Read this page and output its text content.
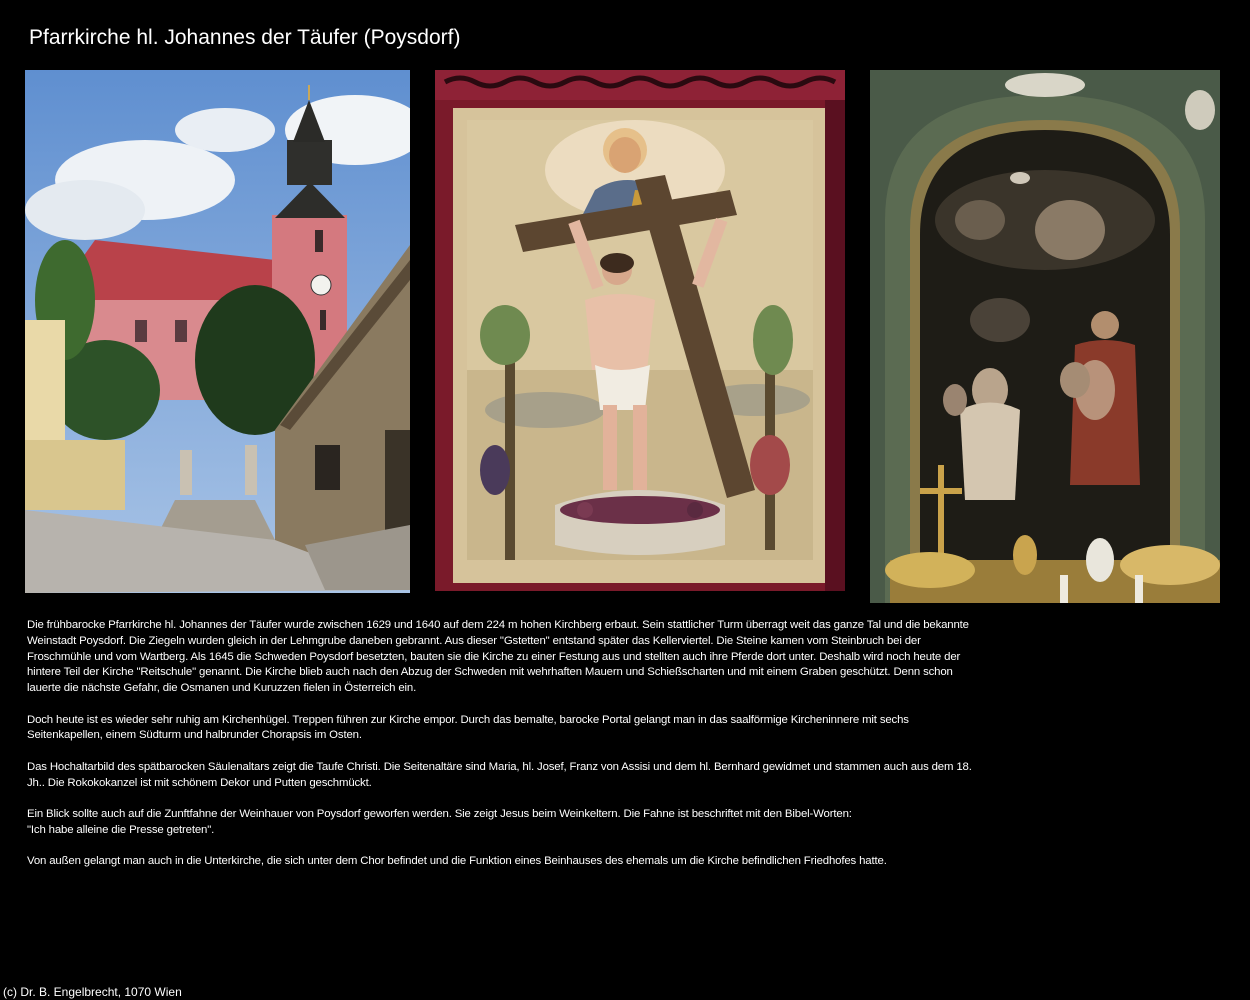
Pfarrkirche hl. Johannes der Täufer (Poysdorf)

Die frühbarocke Pfarrkirche hl. Johannes der Täufer wurde zwischen 1629 und 1640 auf dem 224 m hohen Kirchberg erbaut. Sein stattlicher Turm überragt weit das ganze Tal und die bekannte Weinstadt Poysdorf. Die Ziegeln wurden gleich in der Lehmgrube daneben gebrannt. Aus dieser "Gstetten" entstand später das Kellerviertel. Die Steine kamen vom Steinbruch bei der Froschmühle und vom Wartberg. Als 1645 die Schweden Poysdorf besetzten, bauten sie die Kirche zu einer Festung aus und stellten auch ihre Pferde dort unter. Deshalb wird noch heute der hintere Teil der Kirche "Reitschule" genannt. Die Kirche blieb auch nach den Abzug der Schweden mit wehrhaften Mauern und Schießscharten und mit einem Graben geschützt. Denn schon lauerte die nächste Gefahr, die Osmanen und Kuruzzen fielen in Österreich ein.

Doch heute ist es wieder sehr ruhig am Kirchenhügel. Treppen führen zur Kirche empor. Durch das bemalte, barocke Portal gelangt man in das saalförmige Kircheninnere mit sechs Seitenkapellen, einem Südturm und halbrunder Chorapsis im Osten.

Das Hochaltarbild des spätbarocken Säulenaltars zeigt die Taufe Christi. Die Seitenaltäre sind Maria, hl. Josef, Franz von Assisi und dem hl. Bernhard gewidmet und stammen auch aus dem 18. Jh.. Die Rokokokanzel ist mit schönem Dekor und Putten geschmückt.

Ein Blick sollte auch auf die Zunftfahne der Weinhauer von Poysdorf geworfen werden. Sie zeigt Jesus beim Weinkeltern. Die Fahne ist beschriftet mit den Bibel-Worten:
"Ich habe alleine die Presse getreten".

Von außen gelangt man auch in die Unterkirche, die sich unter dem Chor befindet und die Funktion eines Beinhauses des ehemals um die Kirche befindlichen Friedhofes hatte.

(c) Dr. B. Engelbrecht, 1070 Wien
